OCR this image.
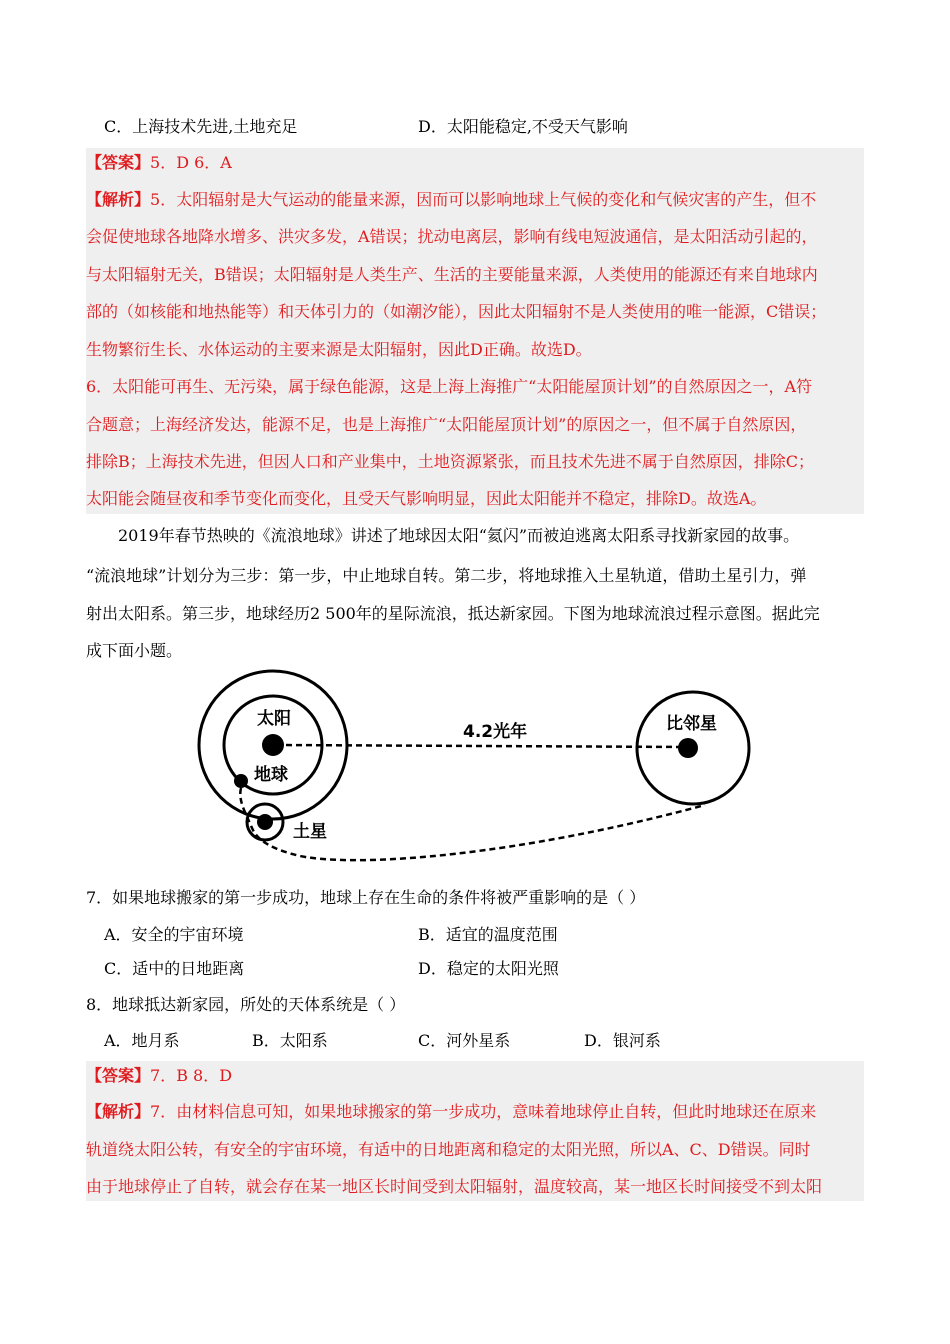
C．上海技术先进,土地充足	D．太阳能稳定,不受天气影响
【答案】5．D 6．A
【解析】5．太阳辐射是大气运动的能量来源，因而可以影响地球上气候的变化和气候灾害的产生，但不
会促使地球各地降水增多、洪灾多发，A错误；扰动电离层，影响有线电短波通信，是太阳活动引起的，
与太阳辐射无关，B错误；太阳辐射是人类生产、生活的主要能量来源，人类使用的能源还有来自地球内
部的（如核能和地热能等）和天体引力的（如潮汐能），因此太阳辐射不是人类使用的唯一能源，C错误；
生物繁衍生长、水体运动的主要来源是太阳辐射，因此D正确。故选D。
6．太阳能可再生、无污染，属于绿色能源，这是上海上海推广“太阳能屋顶计划”的自然原因之一，A符
合题意；上海经济发达，能源不足，也是上海推广“太阳能屋顶计划”的原因之一，但不属于自然原因，
排除B；上海技术先进，但因人口和产业集中，土地资源紧张，而且技术先进不属于自然原因，排除C；
太阳能会随昼夜和季节变化而变化，且受天气影响明显，因此太阳能并不稳定，排除D。故选A。
2019年春节热映的《流浪地球》讲述了地球因太阳“氦闪”而被迫逃离太阳系寻找新家园的故事。
“流浪地球”计划分为三步：第一步，中止地球自转。第二步，将地球推入土星轨道，借助土星引力，弹
射出太阳系。第三步，地球经历2 500年的星际流浪，抵达新家园。下图为地球流浪过程示意图。据此完
成下面小题。
太阳
地球
土星
比邻星
4.2光年
7．如果地球搬家的第一步成功，地球上存在生命的条件将被严重影响的是（ ）
A．安全的宇宙环境	B．适宜的温度范围
C．适中的日地距离	D．稳定的太阳光照
8．地球抵达新家园，所处的天体系统是（ ）
A．地月系	B．太阳系	C．河外星系	D．银河系
【答案】7．B 8．D
【解析】7．由材料信息可知，如果地球搬家的第一步成功，意味着地球停止自转，但此时地球还在原来
轨道绕太阳公转，有安全的宇宙环境，有适中的日地距离和稳定的太阳光照，所以A、C、D错误。同时
由于地球停止了自转，就会存在某一地区长时间受到太阳辐射，温度较高，某一地区长时间接受不到太阳
